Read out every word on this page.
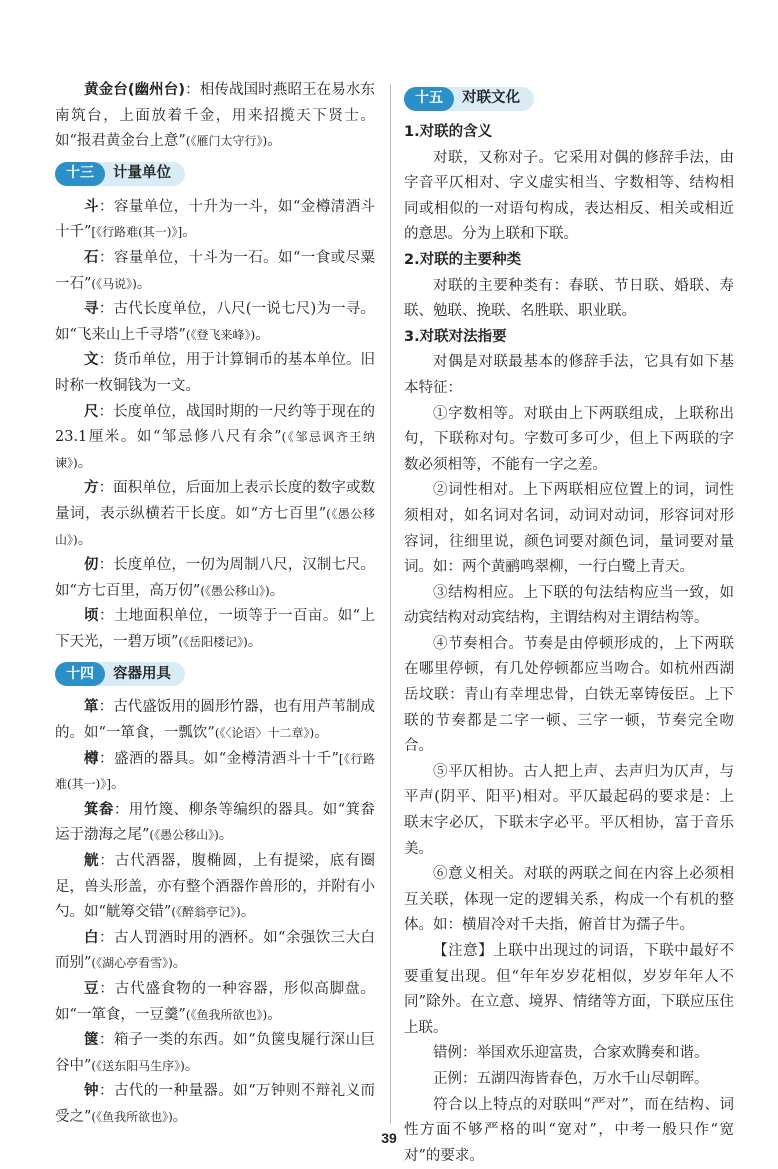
黄金台(幽州台)：相传战国时燕昭王在易水东南筑台，上面放着千金，用来招揽天下贤士。如“报君黄金台上意”(《雁门太守行》)。

十三	计量单位

斗：容量单位，十升为一斗，如“金樽清酒斗十千”[《行路难(其一)》]。

石：容量单位，十斗为一石。如“一食或尽粟一石”(《马说》)。

寻：古代长度单位，八尺(一说七尺)为一寻。如“飞来山上千寻塔”(《登飞来峰》)。

文：货币单位，用于计算铜币的基本单位。旧时称一枚铜钱为一文。

尺：长度单位，战国时期的一尺约等于现在的23.1厘米。如“邹忌修八尺有余”(《邹忌讽齐王纳谏》)。

方：面积单位，后面加上表示长度的数字或数量词，表示纵横若干长度。如“方七百里”(《愚公移山》)。

仞：长度单位，一仞为周制八尺，汉制七尺。如“方七百里，高万仞”(《愚公移山》)。

顷：土地面积单位，一顷等于一百亩。如“上下天光，一碧万顷”(《岳阳楼记》)。

十四	容器用具

箪：古代盛饭用的圆形竹器，也有用芦苇制成的。如“一箪食，一瓢饮”(《〈论语〉十二章》)。

樽：盛酒的器具。如“金樽清酒斗十千”[《行路难(其一)》]。

箕畚：用竹篾、柳条等编织的器具。如“箕畚运于渤海之尾”(《愚公移山》)。

觥：古代酒器，腹椭圆，上有提梁，底有圈足，兽头形盖，亦有整个酒器作兽形的，并附有小勺。如“觥筹交错”(《醉翁亭记》)。

白：古人罚酒时用的酒杯。如“余强饮三大白而别”(《湖心亭看雪》)。

豆：古代盛食物的一种容器，形似高脚盘。如“一箪食，一豆羹”(《鱼我所欲也》)。

箧：箱子一类的东西。如“负箧曳屣行深山巨谷中”(《送东阳马生序》)。

钟：古代的一种量器。如“万钟则不辩礼义而受之”(《鱼我所欲也》)。

十五	对联文化
1.对联的含义

对联，又称对子。它采用对偶的修辞手法，由字音平仄相对、字义虚实相当、字数相等、结构相同或相似的一对语句构成，表达相反、相关或相近的意思。分为上联和下联。

2.对联的主要种类

对联的主要种类有：春联、节日联、婚联、寿联、勉联、挽联、名胜联、职业联。

3.对联对法指要

对偶是对联最基本的修辞手法，它具有如下基本特征：

①字数相等。对联由上下两联组成，上联称出句，下联称对句。字数可多可少，但上下两联的字数必须相等，不能有一字之差。

②词性相对。上下两联相应位置上的词，词性须相对，如名词对名词，动词对动词，形容词对形容词，往细里说，颜色词要对颜色词，量词要对量词。如：两个黄鹂鸣翠柳，一行白鹭上青天。

③结构相应。上下联的句法结构应当一致，如动宾结构对动宾结构，主谓结构对主谓结构等。

④节奏相合。节奏是由停顿形成的，上下两联在哪里停顿，有几处停顿都应当吻合。如杭州西湖岳坟联：青山有幸埋忠骨，白铁无辜铸佞臣。上下联的节奏都是二字一顿、三字一顿，节奏完全吻合。

⑤平仄相协。古人把上声、去声归为仄声，与平声(阴平、阳平)相对。平仄最起码的要求是：上联末字必仄，下联末字必平。平仄相协，富于音乐美。

⑥意义相关。对联的两联之间在内容上必须相互关联，体现一定的逻辑关系，构成一个有机的整体。如：横眉冷对千夫指，俯首甘为孺子牛。

【注意】上联中出现过的词语，下联中最好不要重复出现。但“年年岁岁花相似，岁岁年年人不同”除外。在立意、境界、情绪等方面，下联应压住上联。

错例：举国欢乐迎富贵，合家欢腾奏和谐。

正例：五湖四海皆春色，万水千山尽朝晖。

符合以上特点的对联叫“严对”，而在结构、词性方面不够严格的叫“宽对”，中考一般只作“宽对”的要求。

39
